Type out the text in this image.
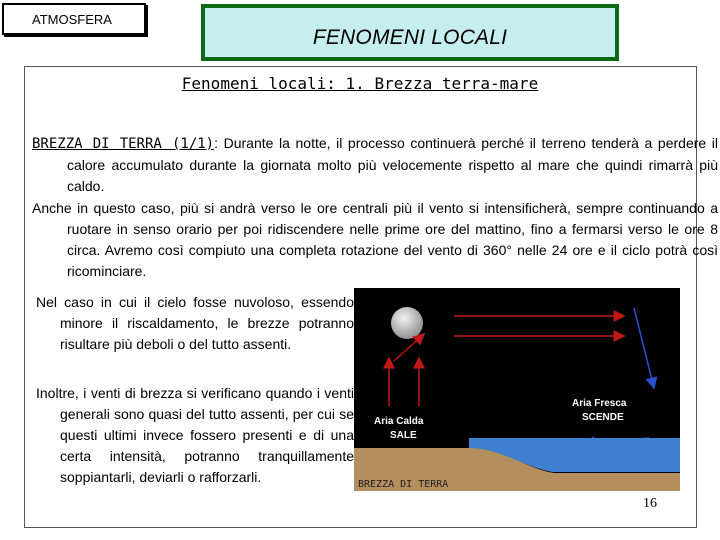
ATMOSFERA
FENOMENI LOCALI
Fenomeni locali: 1. Brezza terra-mare
BREZZA DI TERRA (1/1): Durante la notte, il processo continuerà perché il terreno tenderà a perdere il calore accumulato durante la giornata molto più velocemente rispetto al mare che quindi rimarrà più caldo.
Anche in questo caso, più si andrà verso le ore centrali più il vento si intensificherà, sempre continuando a ruotare in senso orario per poi ridiscendere nelle prime ore del mattino, fino a fermarsi verso le ore 8 circa. Avremo così compiuto una completa rotazione del vento di 360° nelle 24 ore e il ciclo potrà così ricominciare.
Nel caso in cui il cielo fosse nuvoloso, essendo minore il riscaldamento, le brezze potranno risultare più deboli o del tutto assenti.
Inoltre, i venti di brezza si verificano quando i venti generali sono quasi del tutto assenti, per cui se questi ultimi invece fossero presenti e di una certa intensità, potranno tranquillamente soppiantarli, deviarli o rafforzarli.
Aria Calda
SALE
Aria Fresca
SCENDE
BREZZA DI TERRA
16
